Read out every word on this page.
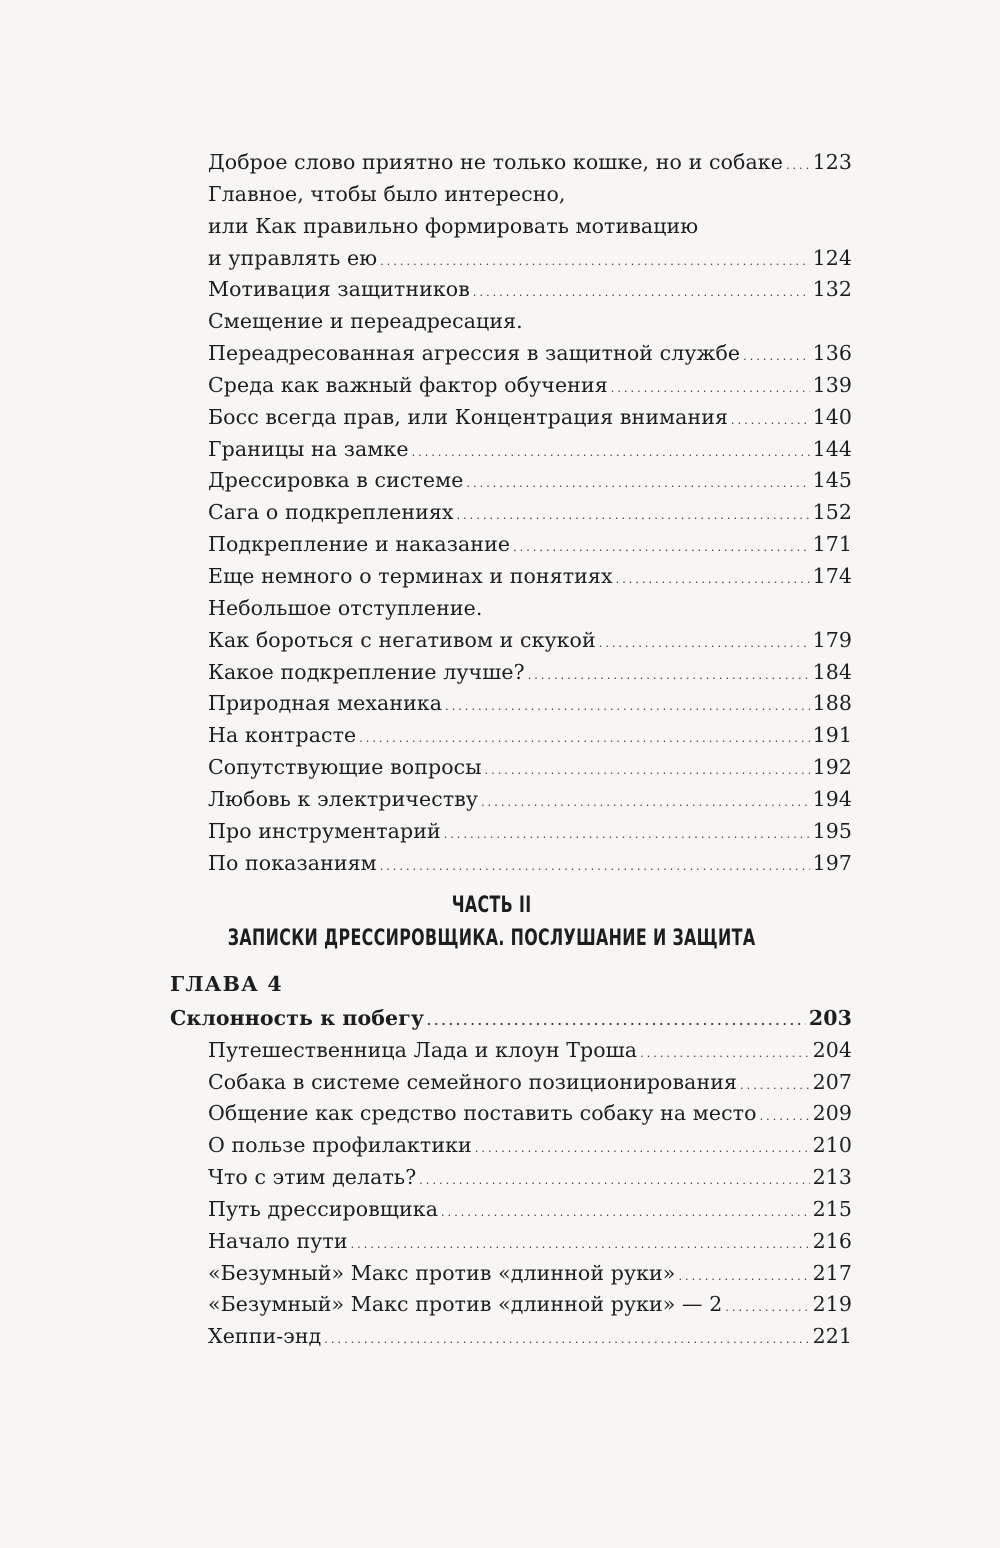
Доброе слово приятно не только кошке, но и собаке . . . 123
Главное, чтобы было интересно,
или Как правильно формировать мотивацию
и управлять ею . . .	124
Мотивация защитников . . .	132
Смещение и переадресация.
Переадресованная агрессия в защитной службе . . .	136
Среда как важный фактор обучения . . .	139
Босс всегда прав, или Концентрация внимания . . .	140
Границы на замке . . .	144
Дрессировка в системе . . .	145
Сага о подкреплениях . . .	152
Подкрепление и наказание . . .	171
Еще немного о терминах и понятиях . . .	174
Небольшое отступление.
Как бороться с негативом и скукой . . .	179
Какое подкрепление лучше? . . .	184
Природная механика . . .	188
На контрасте . . .	191
Сопутствующие вопросы . . .	192
Любовь к электричеству . . .	194
Про инструментарий . . .	195
По показаниям . . .	197
ЧАСТЬ II
ЗАПИСКИ ДРЕССИРОВЩИКА. ПОСЛУШАНИЕ И ЗАЩИТА
ГЛАВА 4
Склонность к побегу . . .	203
Путешественница Лада и клоун Троша . . .	204
Собака в системе семейного позиционирования . . .	207
Общение как средство поставить собаку на место . . .	209
О пользе профилактики . . .	210
Что с этим делать? . . .	213
Путь дрессировщика . . .	215
Начало пути . . .	216
«Безумный» Макс против «длинной руки» . . .	217
«Безумный» Макс против «длинной руки» — 2 . . .	219
Хеппи-энд . . .	221
